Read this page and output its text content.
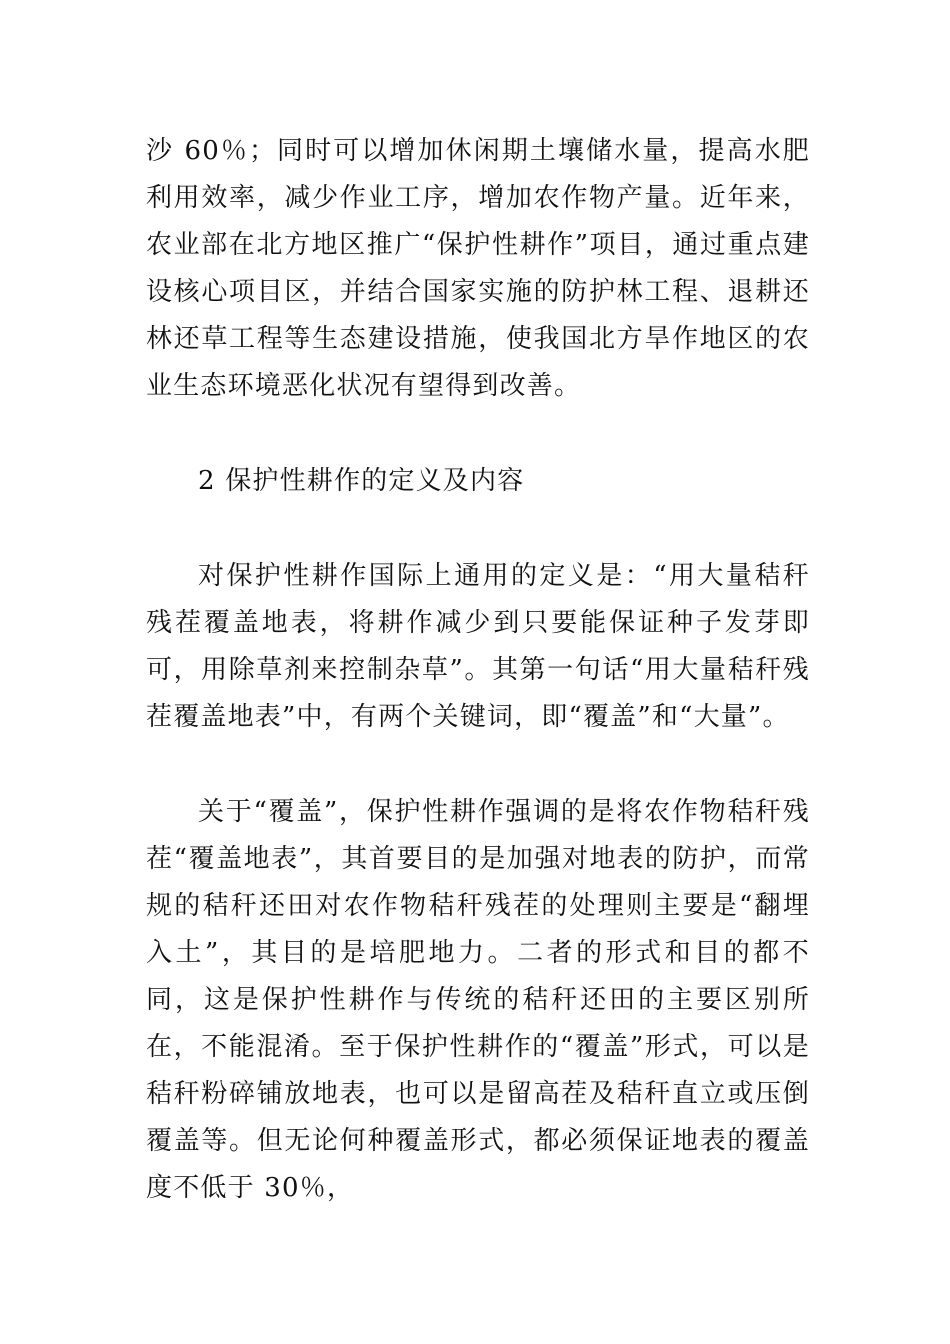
沙 60％；同时可以增加休闲期土壤储水量，提高水肥利用效率，减少作业工序，增加农作物产量。近年来，农业部在北方地区推广“保护性耕作”项目，通过重点建设核心项目区，并结合国家实施的防护林工程、退耕还林还草工程等生态建设措施，使我国北方旱作地区的农业生态环境恶化状况有望得到改善。

2 保护性耕作的定义及内容

对保护性耕作国际上通用的定义是：“用大量秸秆残茬覆盖地表，将耕作减少到只要能保证种子发芽即可，用除草剂来控制杂草”。其第一句话“用大量秸秆残茬覆盖地表”中，有两个关键词，即“覆盖”和“大量”。

关于“覆盖”，保护性耕作强调的是将农作物秸秆残茬“覆盖地表”，其首要目的是加强对地表的防护，而常规的秸秆还田对农作物秸秆残茬的处理则主要是“翻埋入土”，其目的是培肥地力。二者的形式和目的都不同，这是保护性耕作与传统的秸秆还田的主要区别所在，不能混淆。至于保护性耕作的“覆盖”形式，可以是秸秆粉碎铺放地表，也可以是留高茬及秸秆直立或压倒覆盖等。但无论何种覆盖形式，都必须保证地表的覆盖度不低于 30％，
